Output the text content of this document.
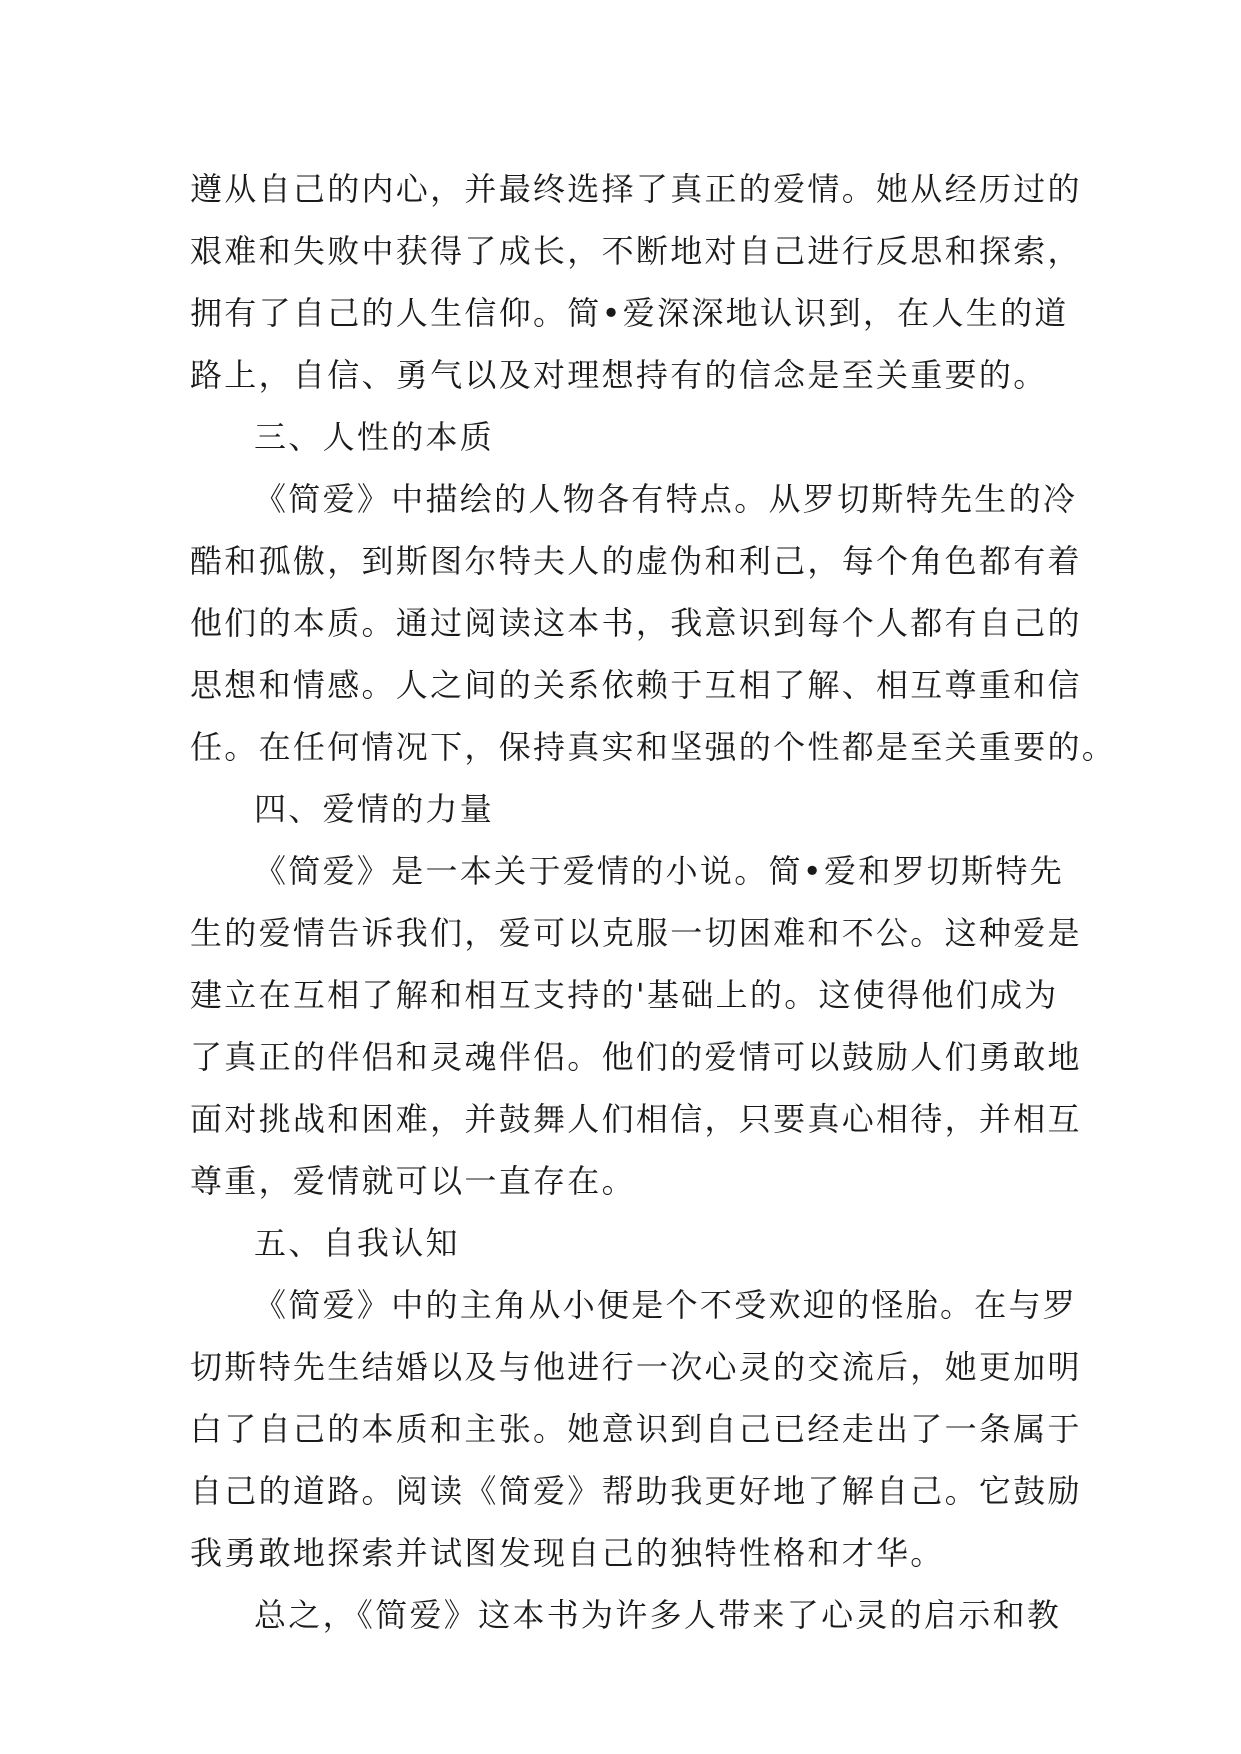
遵从自己的内心，并最终选择了真正的爱情。她从经历过的
艰难和失败中获得了成长，不断地对自己进行反思和探索，
拥有了自己的人生信仰。简•爱深深地认识到，在人生的道
路上，自信、勇气以及对理想持有的信念是至关重要的。
三、人性的本质
《简爱》中描绘的人物各有特点。从罗切斯特先生的冷
酷和孤傲，到斯图尔特夫人的虚伪和利己，每个角色都有着
他们的本质。通过阅读这本书，我意识到每个人都有自己的
思想和情感。人之间的关系依赖于互相了解、相互尊重和信
任。在任何情况下，保持真实和坚强的个性都是至关重要的。
四、爱情的力量
《简爱》是一本关于爱情的小说。简•爱和罗切斯特先
生的爱情告诉我们，爱可以克服一切困难和不公。这种爱是
建立在互相了解和相互支持的'基础上的。这使得他们成为
了真正的伴侣和灵魂伴侣。他们的爱情可以鼓励人们勇敢地
面对挑战和困难，并鼓舞人们相信，只要真心相待，并相互
尊重，爱情就可以一直存在。
五、自我认知
《简爱》中的主角从小便是个不受欢迎的怪胎。在与罗
切斯特先生结婚以及与他进行一次心灵的交流后，她更加明
白了自己的本质和主张。她意识到自己已经走出了一条属于
自己的道路。阅读《简爱》帮助我更好地了解自己。它鼓励
我勇敢地探索并试图发现自己的独特性格和才华。
总之，《简爱》这本书为许多人带来了心灵的启示和教
